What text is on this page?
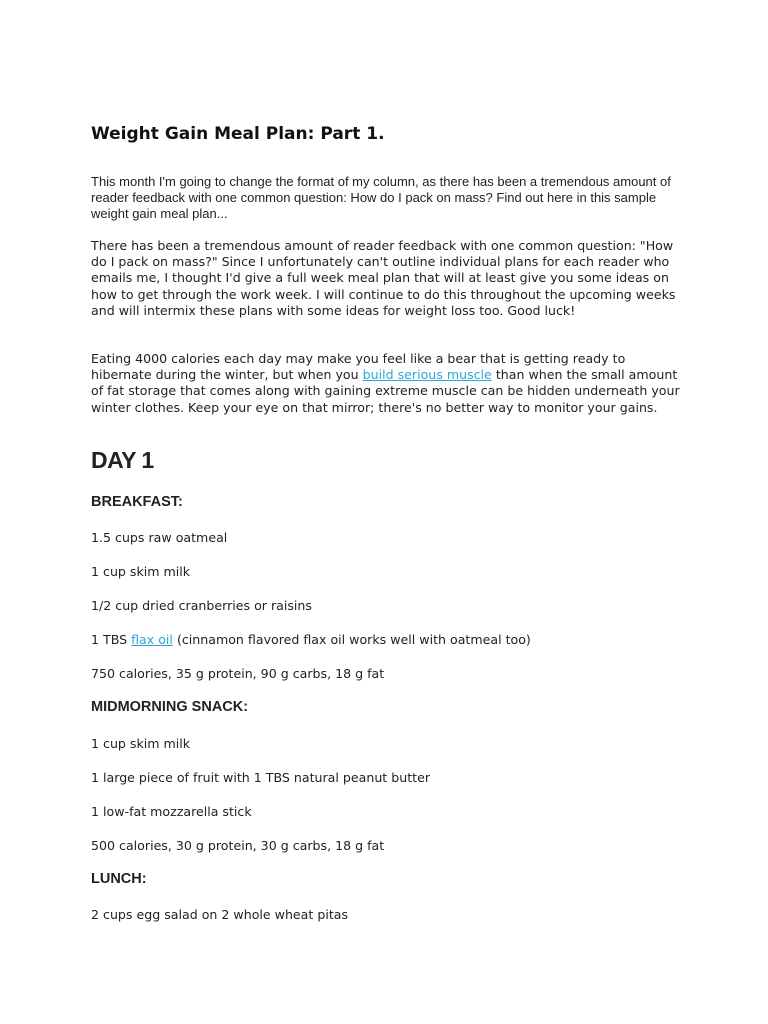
Weight Gain Meal Plan: Part 1.

This month I'm going to change the format of my column, as there has been a tremendous amount of reader feedback with one common question: How do I pack on mass? Find out here in this sample weight gain meal plan...

There has been a tremendous amount of reader feedback with one common question: "How do I pack on mass?" Since I unfortunately can't outline individual plans for each reader who emails me, I thought I'd give a full week meal plan that will at least give you some ideas on how to get through the work week. I will continue to do this throughout the upcoming weeks and will intermix these plans with some ideas for weight loss too. Good luck!

Eating 4000 calories each day may make you feel like a bear that is getting ready to hibernate during the winter, but when you build serious muscle than when the small amount of fat storage that comes along with gaining extreme muscle can be hidden underneath your winter clothes. Keep your eye on that mirror; there's no better way to monitor your gains.

DAY 1
BREAKFAST:

1.5 cups raw oatmeal

1 cup skim milk

1/2 cup dried cranberries or raisins

1 TBS flax oil (cinnamon flavored flax oil works well with oatmeal too)

750 calories, 35 g protein, 90 g carbs, 18 g fat

MIDMORNING SNACK:

1 cup skim milk

1 large piece of fruit with 1 TBS natural peanut butter

1 low-fat mozzarella stick

500 calories, 30 g protein, 30 g carbs, 18 g fat

LUNCH:

2 cups egg salad on 2 whole wheat pitas
